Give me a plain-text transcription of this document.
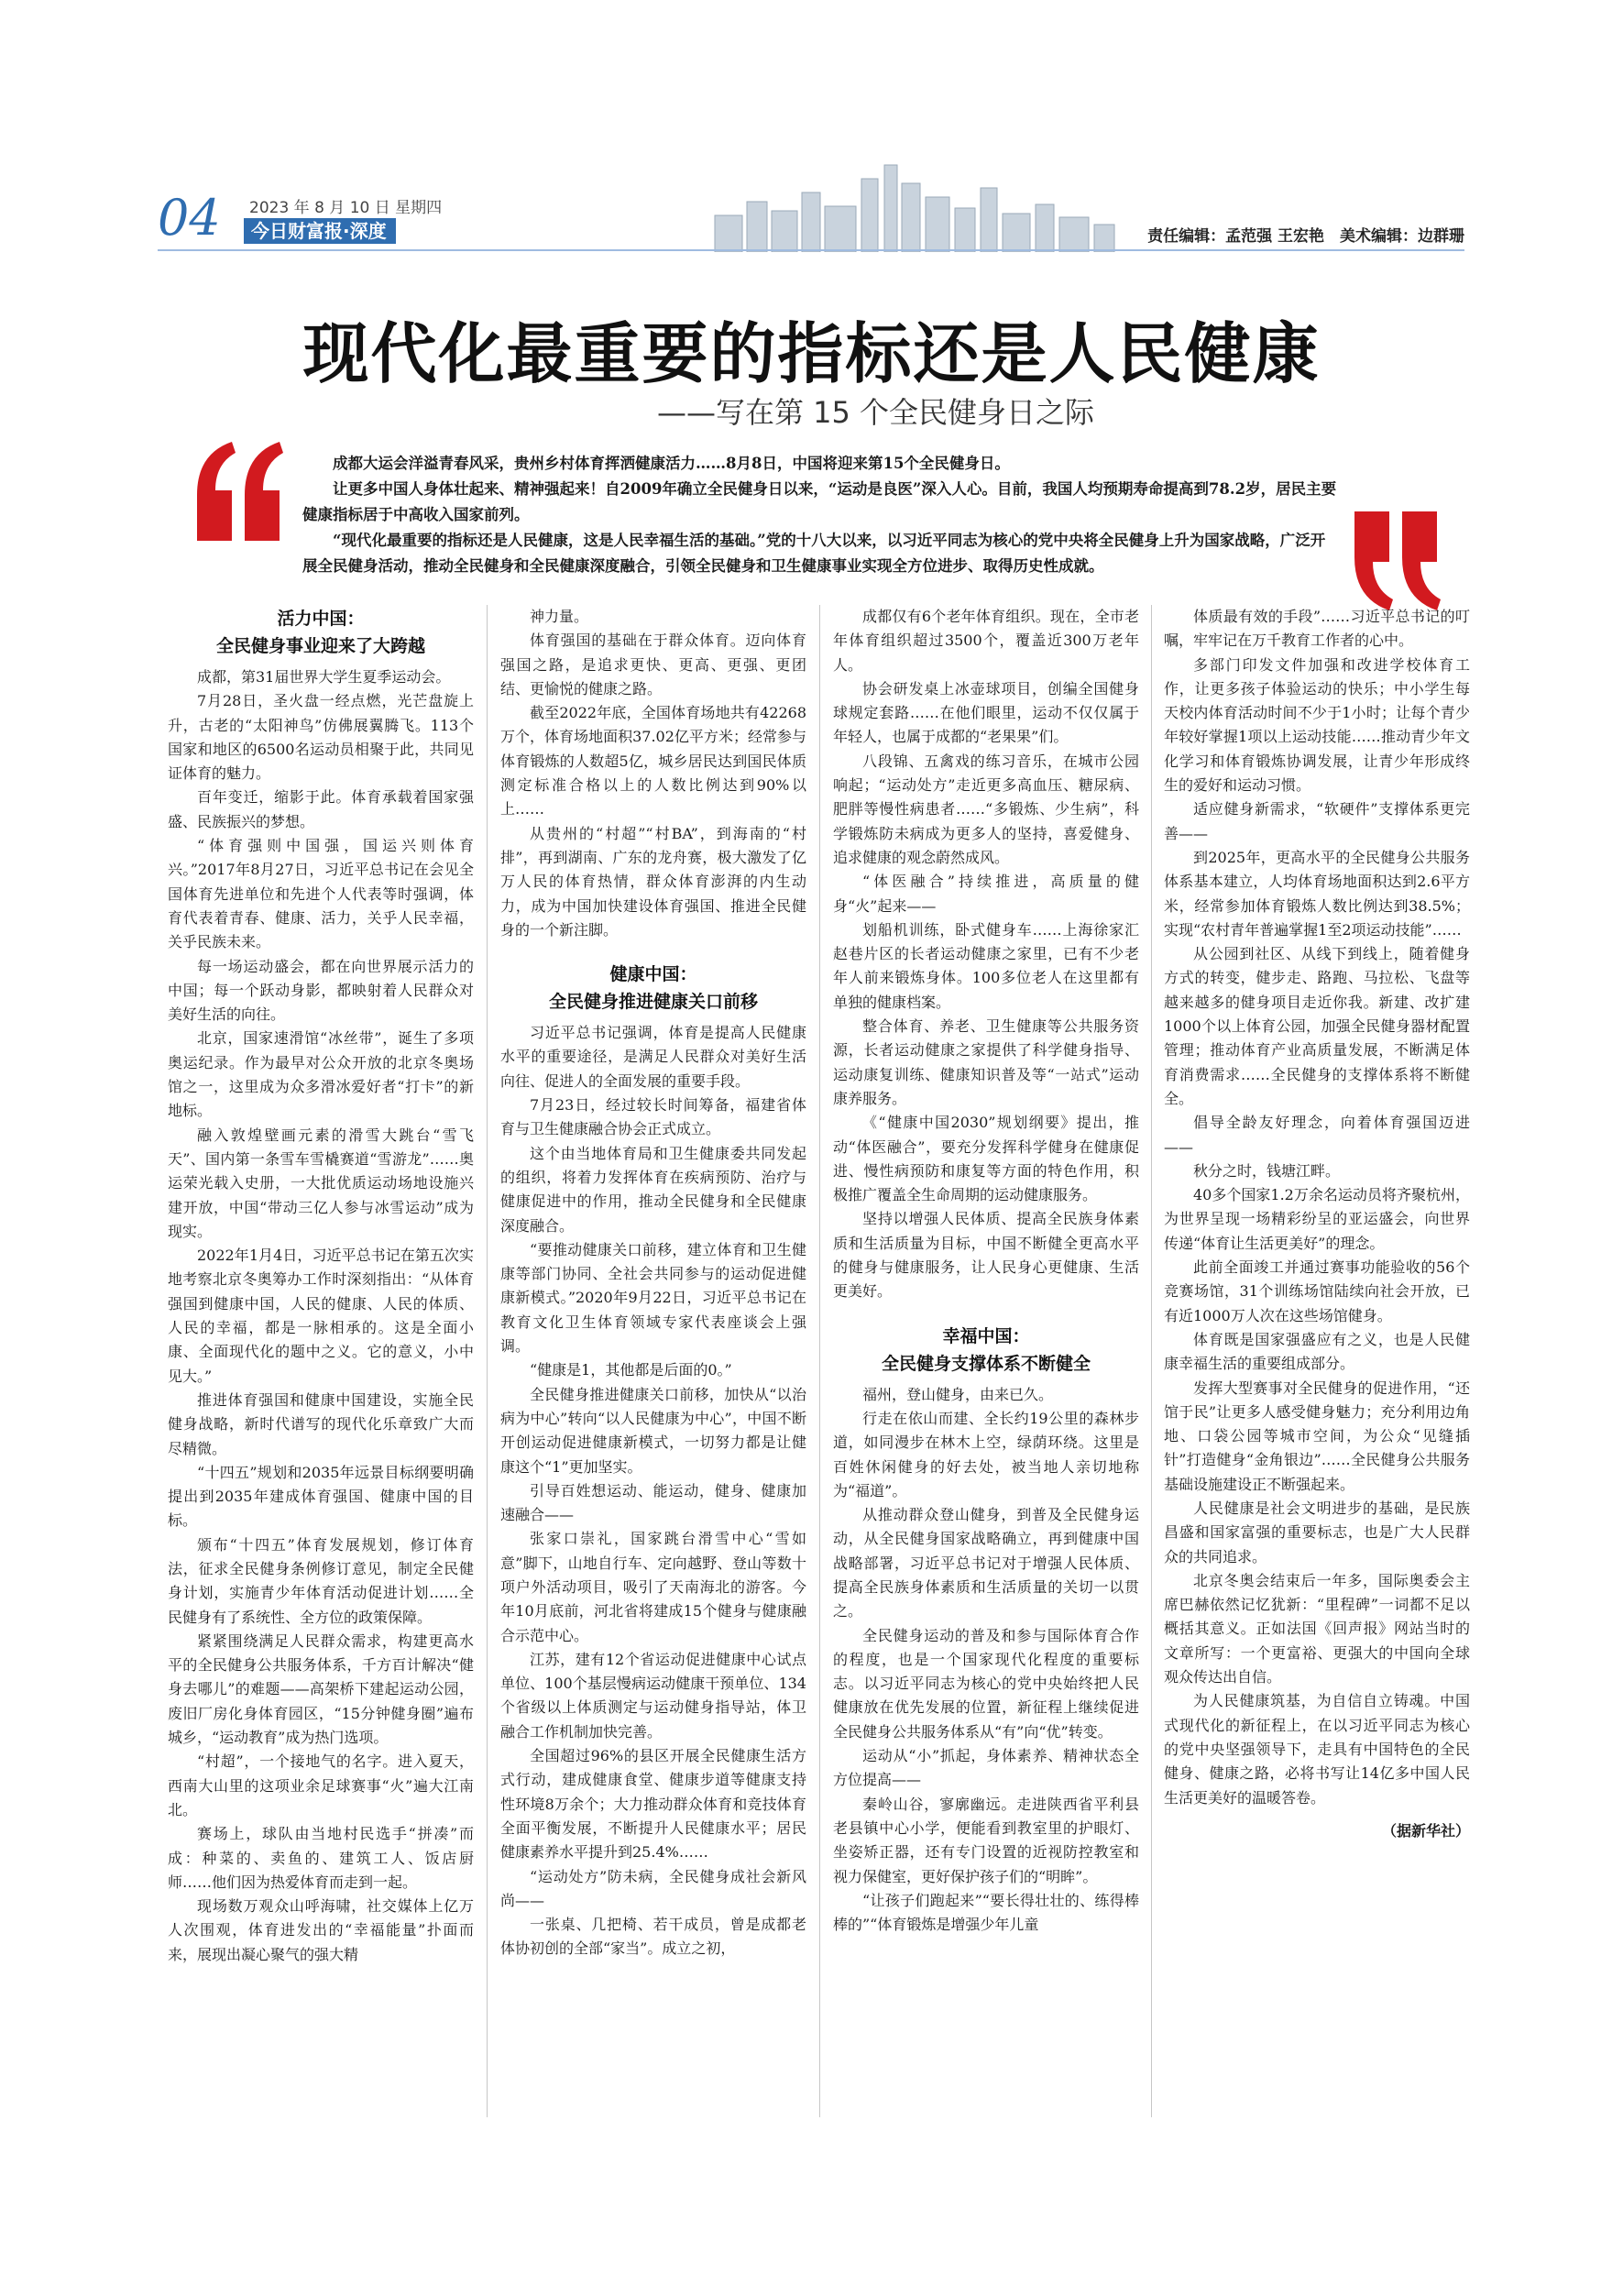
04	2023 年 8 月 10 日 星期四
今日财富报·深度	责任编辑：孟范强 王宏艳　美术编辑：边群珊
现代化最重要的指标还是人民健康
——写在第 15 个全民健身日之际

成都大运会洋溢青春风采，贵州乡村体育挥洒健康活力……8月8日，中国将迎来第15个全民健身日。

让更多中国人身体壮起来、精神强起来！自2009年确立全民健身日以来，“运动是良医”深入人心。目前，我国人均预期寿命提高到78.2岁，居民主要健康指标居于中高收入国家前列。

“现代化最重要的指标还是人民健康，这是人民幸福生活的基础。”党的十八大以来，以习近平同志为核心的党中央将全民健身上升为国家战略，广泛开展全民健身活动，推动全民健身和全民健康深度融合，引领全民健身和卫生健康事业实现全方位进步、取得历史性成就。

活力中国：
全民健身事业迎来了大跨越

成都，第31届世界大学生夏季运动会。

7月28日，圣火盘一经点燃，光芒盘旋上升，古老的“太阳神鸟”仿佛展翼腾飞。113个国家和地区的6500名运动员相聚于此，共同见证体育的魅力。

百年变迁，缩影于此。体育承载着国家强盛、民族振兴的梦想。

“体育强则中国强，国运兴则体育兴。”2017年8月27日，习近平总书记在会见全国体育先进单位和先进个人代表等时强调，体育代表着青春、健康、活力，关乎人民幸福，关乎民族未来。

每一场运动盛会，都在向世界展示活力的中国；每一个跃动身影，都映射着人民群众对美好生活的向往。

北京，国家速滑馆“冰丝带”，诞生了多项奥运纪录。作为最早对公众开放的北京冬奥场馆之一，这里成为众多滑冰爱好者“打卡”的新地标。

融入敦煌壁画元素的滑雪大跳台“雪飞天”、国内第一条雪车雪橇赛道“雪游龙”……奥运荣光载入史册，一大批优质运动场地设施兴建开放，中国“带动三亿人参与冰雪运动”成为现实。

2022年1月4日，习近平总书记在第五次实地考察北京冬奥筹办工作时深刻指出：“从体育强国到健康中国，人民的健康、人民的体质、人民的幸福，都是一脉相承的。这是全面小康、全面现代化的题中之义。它的意义，小中见大。”

推进体育强国和健康中国建设，实施全民健身战略，新时代谱写的现代化乐章致广大而尽精微。

“十四五”规划和2035年远景目标纲要明确提出到2035年建成体育强国、健康中国的目标。

颁布“十四五”体育发展规划，修订体育法，征求全民健身条例修订意见，制定全民健身计划，实施青少年体育活动促进计划……全民健身有了系统性、全方位的政策保障。

紧紧围绕满足人民群众需求，构建更高水平的全民健身公共服务体系，千方百计解决“健身去哪儿”的难题——高架桥下建起运动公园，废旧厂房化身体育园区，“15分钟健身圈”遍布城乡，“运动教育”成为热门选项。

“村超”，一个接地气的名字。进入夏天，西南大山里的这项业余足球赛事“火”遍大江南北。

赛场上，球队由当地村民选手“拼凑”而成：种菜的、卖鱼的、建筑工人、饭店厨师……他们因为热爱体育而走到一起。

现场数万观众山呼海啸，社交媒体上亿万人次围观，体育进发出的“幸福能量”扑面而来，展现出凝心聚气的强大精

神力量。

体育强国的基础在于群众体育。迈向体育强国之路，是追求更快、更高、更强、更团结、更愉悦的健康之路。

截至2022年底，全国体育场地共有42268万个，体育场地面积37.02亿平方米；经常参与体育锻炼的人数超5亿，城乡居民达到国民体质测定标准合格以上的人数比例达到90%以上……

从贵州的“村超”“村BA”，到海南的“村排”，再到湖南、广东的龙舟赛，极大激发了亿万人民的体育热情，群众体育澎湃的内生动力，成为中国加快建设体育强国、推进全民健身的一个新注脚。

健康中国：
全民健身推进健康关口前移

习近平总书记强调，体育是提高人民健康水平的重要途径，是满足人民群众对美好生活向往、促进人的全面发展的重要手段。

7月23日，经过较长时间筹备，福建省体育与卫生健康融合协会正式成立。

这个由当地体育局和卫生健康委共同发起的组织，将着力发挥体育在疾病预防、治疗与健康促进中的作用，推动全民健身和全民健康深度融合。

“要推动健康关口前移，建立体育和卫生健康等部门协同、全社会共同参与的运动促进健康新模式。”2020年9月22日，习近平总书记在教育文化卫生体育领域专家代表座谈会上强调。

“健康是1，其他都是后面的0。”

全民健身推进健康关口前移，加快从“以治病为中心”转向“以人民健康为中心”，中国不断开创运动促进健康新模式，一切努力都是让健康这个“1”更加坚实。

引导百姓想运动、能运动，健身、健康加速融合——

张家口崇礼，国家跳台滑雪中心“雪如意”脚下，山地自行车、定向越野、登山等数十项户外活动项目，吸引了天南海北的游客。今年10月底前，河北省将建成15个健身与健康融合示范中心。

江苏，建有12个省运动促进健康中心试点单位、100个基层慢病运动健康干预单位、134个省级以上体质测定与运动健身指导站，体卫融合工作机制加快完善。

全国超过96%的县区开展全民健康生活方式行动，建成健康食堂、健康步道等健康支持性环境8万余个；大力推动群众体育和竞技体育全面平衡发展，不断提升人民健康水平；居民健康素养水平提升到25.4%……

“运动处方”防未病，全民健身成社会新风尚——

一张桌、几把椅、若干成员，曾是成都老体协初创的全部“家当”。成立之初，

成都仅有6个老年体育组织。现在，全市老年体育组织超过3500个，覆盖近300万老年人。

协会研发桌上冰壶球项目，创编全国健身球规定套路……在他们眼里，运动不仅仅属于年轻人，也属于成都的“老果果”们。

八段锦、五禽戏的练习音乐，在城市公园响起；“运动处方”走近更多高血压、糖尿病、肥胖等慢性病患者……“多锻炼、少生病”，科学锻炼防未病成为更多人的坚持，喜爱健身、追求健康的观念蔚然成风。

“体医融合”持续推进，高质量的健身“火”起来——

划船机训练，卧式健身车……上海徐家汇赵巷片区的长者运动健康之家里，已有不少老年人前来锻炼身体。100多位老人在这里都有单独的健康档案。

整合体育、养老、卫生健康等公共服务资源，长者运动健康之家提供了科学健身指导、运动康复训练、健康知识普及等“一站式”运动康养服务。

《“健康中国2030”规划纲要》提出，推动“体医融合”，要充分发挥科学健身在健康促进、慢性病预防和康复等方面的特色作用，积极推广覆盖全生命周期的运动健康服务。

坚持以增强人民体质、提高全民族身体素质和生活质量为目标，中国不断健全更高水平的健身与健康服务，让人民身心更健康、生活更美好。

幸福中国：
全民健身支撑体系不断健全

福州，登山健身，由来已久。

行走在依山而建、全长约19公里的森林步道，如同漫步在林木上空，绿荫环绕。这里是百姓休闲健身的好去处，被当地人亲切地称为“福道”。

从推动群众登山健身，到普及全民健身运动，从全民健身国家战略确立，再到健康中国战略部署，习近平总书记对于增强人民体质、提高全民族身体素质和生活质量的关切一以贯之。

全民健身运动的普及和参与国际体育合作的程度，也是一个国家现代化程度的重要标志。以习近平同志为核心的党中央始终把人民健康放在优先发展的位置，新征程上继续促进全民健身公共服务体系从“有”向“优”转变。

运动从“小”抓起，身体素养、精神状态全方位提高——

秦岭山谷，寥廓幽远。走进陕西省平利县老县镇中心小学，便能看到教室里的护眼灯、坐姿矫正器，还有专门设置的近视防控教室和视力保健室，更好保护孩子们的“明眸”。

“让孩子们跑起来”“要长得壮壮的、练得棒棒的”“体育锻炼是增强少年儿童

体质最有效的手段”……习近平总书记的叮嘱，牢牢记在万千教育工作者的心中。

多部门印发文件加强和改进学校体育工作，让更多孩子体验运动的快乐；中小学生每天校内体育活动时间不少于1小时；让每个青少年较好掌握1项以上运动技能……推动青少年文化学习和体育锻炼协调发展，让青少年形成终生的爱好和运动习惯。

适应健身新需求，“软硬件”支撑体系更完善——

到2025年，更高水平的全民健身公共服务体系基本建立，人均体育场地面积达到2.6平方米，经常参加体育锻炼人数比例达到38.5%；实现“农村青年普遍掌握1至2项运动技能”……

从公园到社区、从线下到线上，随着健身方式的转变，健步走、路跑、马拉松、飞盘等越来越多的健身项目走近你我。新建、改扩建1000个以上体育公园，加强全民健身器材配置管理；推动体育产业高质量发展，不断满足体育消费需求……全民健身的支撑体系将不断健全。

倡导全龄友好理念，向着体育强国迈进——

秋分之时，钱塘江畔。

40多个国家1.2万余名运动员将齐聚杭州，为世界呈现一场精彩纷呈的亚运盛会，向世界传递“体育让生活更美好”的理念。

此前全面竣工并通过赛事功能验收的56个竞赛场馆，31个训练场馆陆续向社会开放，已有近1000万人次在这些场馆健身。

体育既是国家强盛应有之义，也是人民健康幸福生活的重要组成部分。

发挥大型赛事对全民健身的促进作用，“还馆于民”让更多人感受健身魅力；充分利用边角地、口袋公园等城市空间，为公众“见缝插针”打造健身“金角银边”……全民健身公共服务基础设施建设正不断强起来。

人民健康是社会文明进步的基础，是民族昌盛和国家富强的重要标志，也是广大人民群众的共同追求。

北京冬奥会结束后一年多，国际奥委会主席巴赫依然记忆犹新：“里程碑”一词都不足以概括其意义。正如法国《回声报》网站当时的文章所写：一个更富裕、更强大的中国向全球观众传达出自信。

为人民健康筑基，为自信自立铸魂。中国式现代化的新征程上，在以习近平同志为核心的党中央坚强领导下，走具有中国特色的全民健身、健康之路，必将书写让14亿多中国人民生活更美好的温暖答卷。

（据新华社）
